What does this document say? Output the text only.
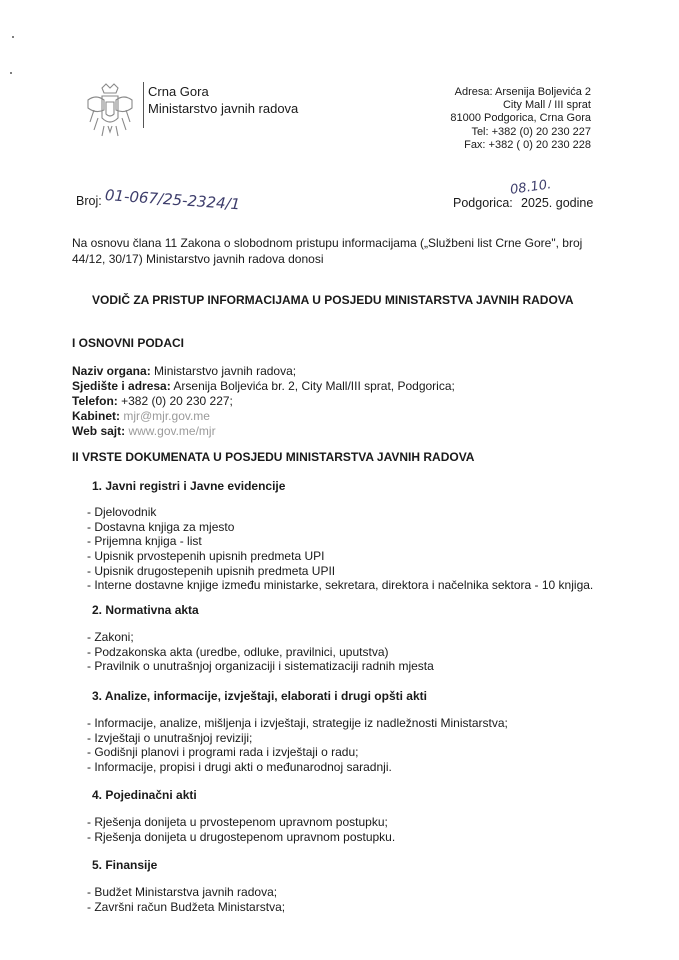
Crna Gora
Ministarstvo javnih radova
Adresa: Arsenija Boljevića 2
City Mall / III sprat
81000 Podgorica, Crna Gora
Tel: +382 (0) 20 230 227
Fax: +382 ( 0) 20 230 228
Broj: 01-067/25-2324/1	Podgorica:
08.10.
2025. godine
Na osnovu člana 11 Zakona o slobodnom pristupu informacijama („Službeni list Crne Gore", broj
44/12, 30/17) Ministarstvo javnih radova donosi
VODIČ ZA PRISTUP INFORMACIJAMA U POSJEDU MINISTARSTVA JAVNIH RADOVA
I OSNOVNI PODACI
Naziv organa: Ministarstvo javnih radova;
Sjedište i adresa: Arsenija Boljevića br. 2, City Mall/III sprat, Podgorica;
Telefon: +382 (0) 20 230 227;
Kabinet: mjr@mjr.gov.me
Web sajt: www.gov.me/mjr
II VRSTE DOKUMENATA U POSJEDU MINISTARSTVA JAVNIH RADOVA
1. Javni registri i Javne evidencije
- Djelovodnik
- Dostavna knjiga za mjesto
- Prijemna knjiga - list
- Upisnik prvostepenih upisnih predmeta UPI
- Upisnik drugostepenih upisnih predmeta UPII
- Interne dostavne knjige između ministarke, sekretara, direktora i načelnika sektora - 10 knjiga.
2. Normativna akta
- Zakoni;
- Podzakonska akta (uredbe, odluke, pravilnici, uputstva)
- Pravilnik o unutrašnjoj organizaciji i sistematizaciji radnih mjesta
3. Analize, informacije, izvještaji, elaborati i drugi opšti akti
- Informacije, analize, mišljenja i izvještaji, strategije iz nadležnosti Ministarstva;
- Izvještaji o unutrašnjoj reviziji;
- Godišnji planovi i programi rada i izvještaji o radu;
- Informacije, propisi i drugi akti o međunarodnoj saradnji.
4. Pojedinačni akti
- Rješenja donijeta u prvostepenom upravnom postupku;
- Rješenja donijeta u drugostepenom upravnom postupku.
5. Finansije
- Budžet Ministarstva javnih radova;
- Završni račun Budžeta Ministarstva;
